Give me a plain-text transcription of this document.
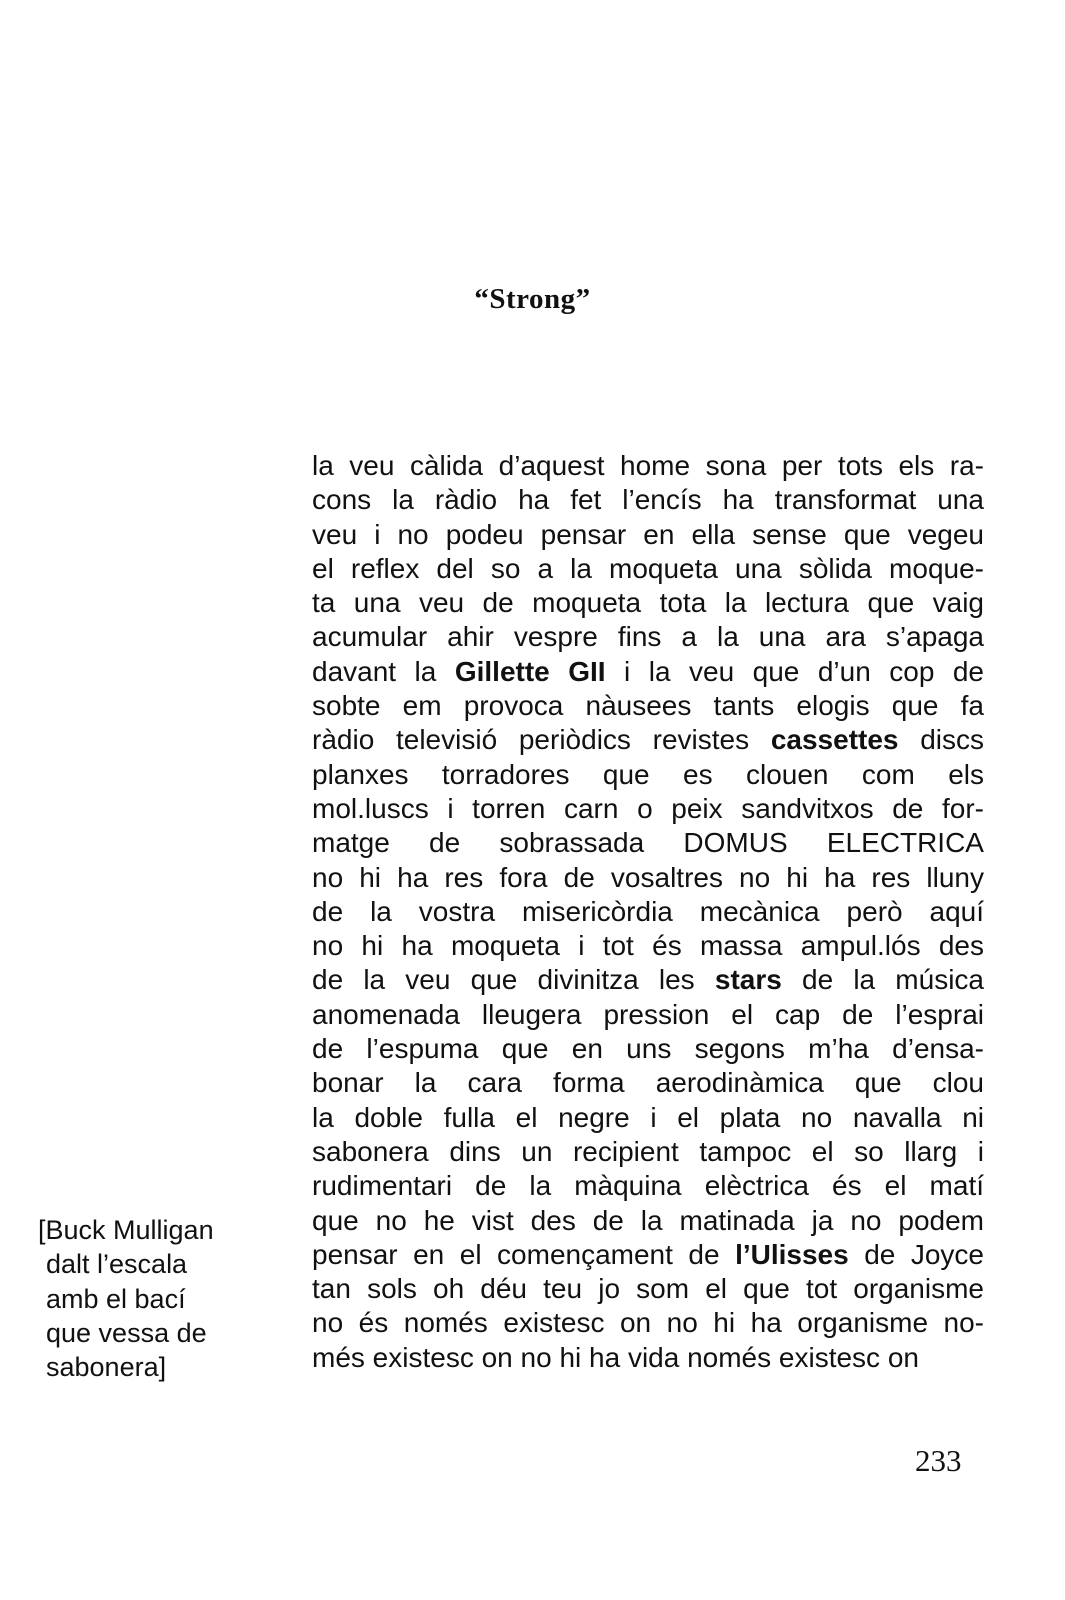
“Strong”
la veu càlida d’aquest home sona per tots els ra-
cons la ràdio ha fet l’encís ha transformat una
veu i no podeu pensar en ella sense que vegeu
el reflex del so a la moqueta una sòlida moque-
ta una veu de moqueta tota la lectura que vaig
acumular ahir vespre fins a la una ara s’apaga
davant la Gillette GII i la veu que d’un cop de
sobte em provoca nàusees tants elogis que fa
ràdio televisió periòdics revistes cassettes discs
planxes torradores que es clouen com els
mol.luscs i torren carn o peix sandvitxos de for-
matge de sobrassada DOMUS ELECTRICA
no hi ha res fora de vosaltres no hi ha res lluny
de la vostra misericòrdia mecànica però aquí
no hi ha moqueta i tot és massa ampul.lós des
de la veu que divinitza les stars de la música
anomenada lleugera pression el cap de l’esprai
de l’espuma que en uns segons m’ha d’ensa-
bonar la cara forma aerodinàmica que clou
la doble fulla el negre i el plata no navalla ni
sabonera dins un recipient tampoc el so llarg i
rudimentari de la màquina elèctrica és el matí
que no he vist des de la matinada ja no podem
pensar en el començament de l’Ulisses de Joyce
tan sols oh déu teu jo som el que tot organisme
no és només existesc on no hi ha organisme no-
més existesc on no hi ha vida només existesc on
[Buck Mulligan
dalt l’escala
amb el bací
que vessa de
sabonera]
233
